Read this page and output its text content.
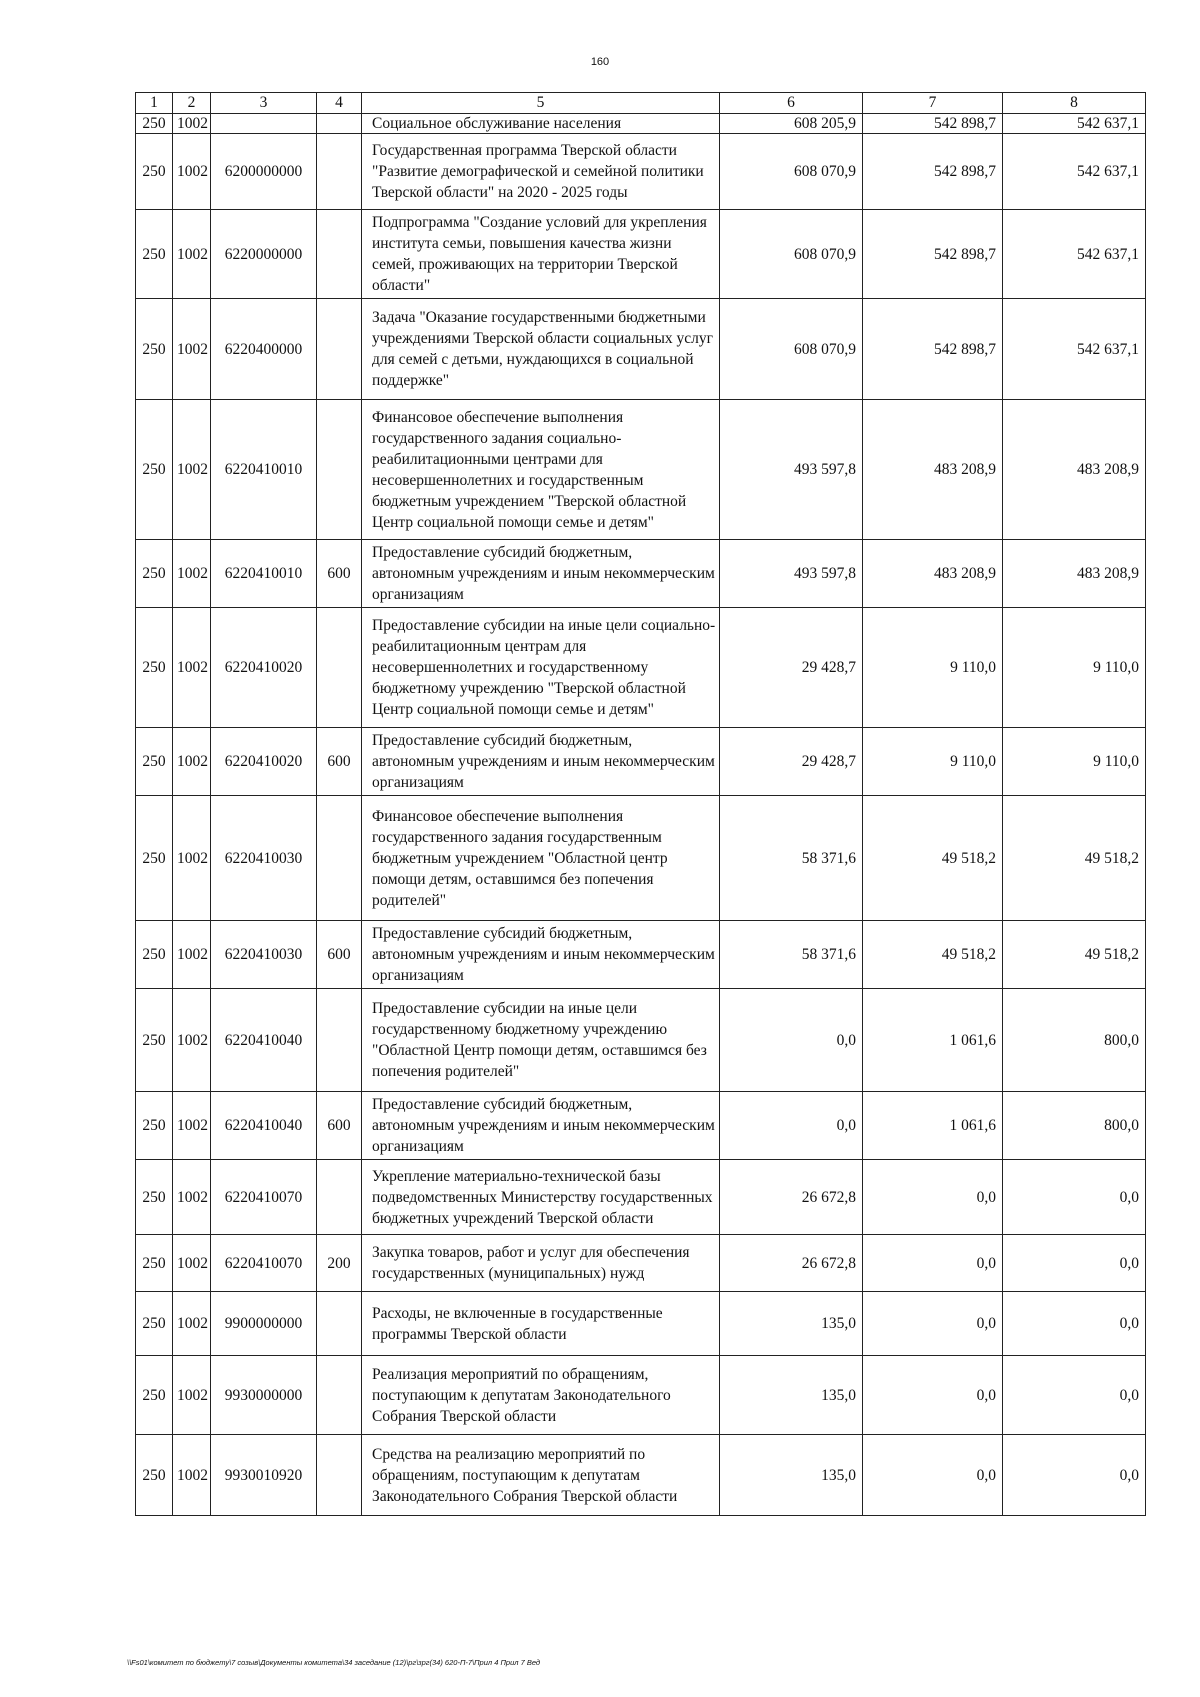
160
1	2	3	4	5	6	7	8
250	1002			Социальное обслуживание населения	608 205,9	542 898,7	542 637,1
250	1002	6200000000		Государственная программа Тверской области "Развитие демографической и семейной политики Тверской области" на 2020 - 2025 годы	608 070,9	542 898,7	542 637,1
250	1002	6220000000		Подпрограмма "Создание условий для укрепления института семьи, повышения качества жизни семей, проживающих на территории Тверской области"	608 070,9	542 898,7	542 637,1
250	1002	6220400000		Задача "Оказание государственными бюджетными учреждениями Тверской области социальных услуг для семей с детьми, нуждающихся в социальной поддержке"	608 070,9	542 898,7	542 637,1
250	1002	6220410010		Финансовое обеспечение выполнения государственного задания социально-реабилитационными центрами для несовершеннолетних и государственным бюджетным учреждением "Тверской областной Центр социальной помощи семье и детям"	493 597,8	483 208,9	483 208,9
250	1002	6220410010	600	Предоставление субсидий бюджетным, автономным учреждениям и иным некоммерческим организациям	493 597,8	483 208,9	483 208,9
250	1002	6220410020		Предоставление субсидии на иные цели социально-реабилитационным центрам для несовершеннолетних и государственному бюджетному учреждению "Тверской областной Центр социальной помощи семье и детям"	29 428,7	9 110,0	9 110,0
250	1002	6220410020	600	Предоставление субсидий бюджетным, автономным учреждениям и иным некоммерческим организациям	29 428,7	9 110,0	9 110,0
250	1002	6220410030		Финансовое обеспечение выполнения государственного задания государственным бюджетным учреждением "Областной центр помощи детям, оставшимся без попечения родителей"	58 371,6	49 518,2	49 518,2
250	1002	6220410030	600	Предоставление субсидий бюджетным, автономным учреждениям и иным некоммерческим организациям	58 371,6	49 518,2	49 518,2
250	1002	6220410040		Предоставление субсидии на иные цели государственному бюджетному учреждению "Областной Центр помощи детям, оставшимся без попечения родителей"	0,0	1 061,6	800,0
250	1002	6220410040	600	Предоставление субсидий бюджетным, автономным учреждениям и иным некоммерческим организациям	0,0	1 061,6	800,0
250	1002	6220410070		Укрепление материально-технической базы подведомственных Министерству государственных бюджетных учреждений Тверской области	26 672,8	0,0	0,0
250	1002	6220410070	200	Закупка товаров, работ и услуг для обеспечения государственных (муниципальных) нужд	26 672,8	0,0	0,0
250	1002	9900000000		Расходы, не включенные в государственные программы Тверской области	135,0	0,0	0,0
250	1002	9930000000		Реализация мероприятий по обращениям, поступающим к депутатам Законодательного Собрания Тверской области	135,0	0,0	0,0
250	1002	9930010920		Средства на реализацию мероприятий по обращениям, поступающим к депутатам Законодательного Собрания Тверской области	135,0	0,0	0,0
\\Fs01\комитет по бюджету\7 созыв\Документы комитета\34 заседание (12)\рг\зрг(34) 620-П-7\Прил 4 Прил 7 Вед
